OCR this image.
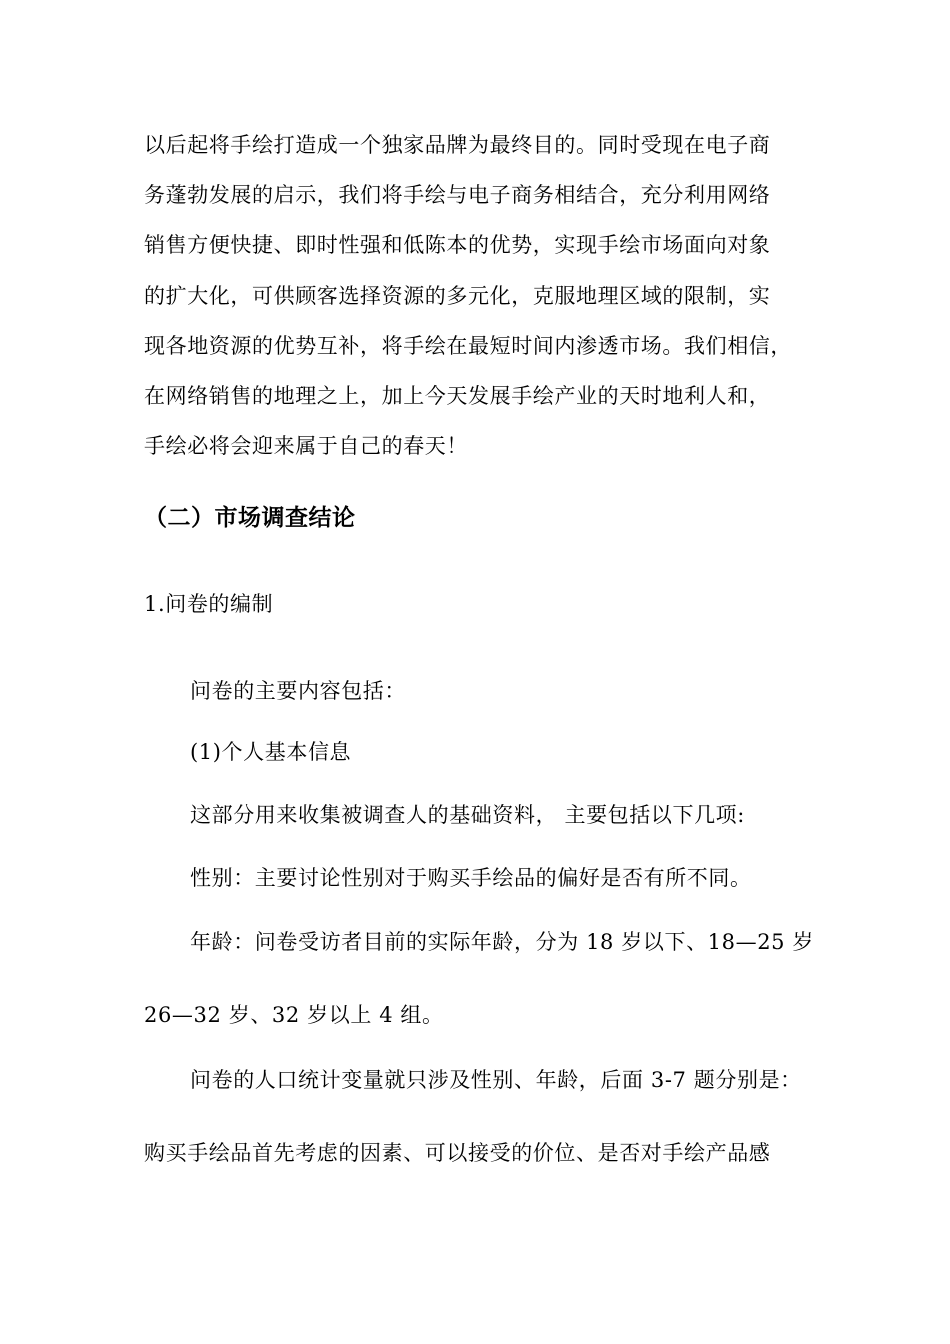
以后起将手绘打造成一个独家品牌为最终目的。同时受现在电子商
务蓬勃发展的启示，我们将手绘与电子商务相结合，充分利用网络
销售方便快捷、即时性强和低陈本的优势，实现手绘市场面向对象
的扩大化，可供顾客选择资源的多元化，克服地理区域的限制，实
现各地资源的优势互补，将手绘在最短时间内渗透市场。我们相信，
在网络销售的地理之上，加上今天发展手绘产业的天时地利人和，
手绘必将会迎来属于自己的春天！
（二）市场调查结论
1.问卷的编制
问卷的主要内容包括：
(1)个人基本信息
这部分用来收集被调查人的基础资料， 主要包括以下几项:
性别：主要讨论性别对于购买手绘品的偏好是否有所不同。
年龄：问卷受访者目前的实际年龄，分为 18 岁以下、18—25 岁
26—32 岁、32 岁以上 4 组。
问卷的人口统计变量就只涉及性别、年龄，后面 3-7 题分别是：
购买手绘品首先考虑的因素、可以接受的价位、是否对手绘产品感
